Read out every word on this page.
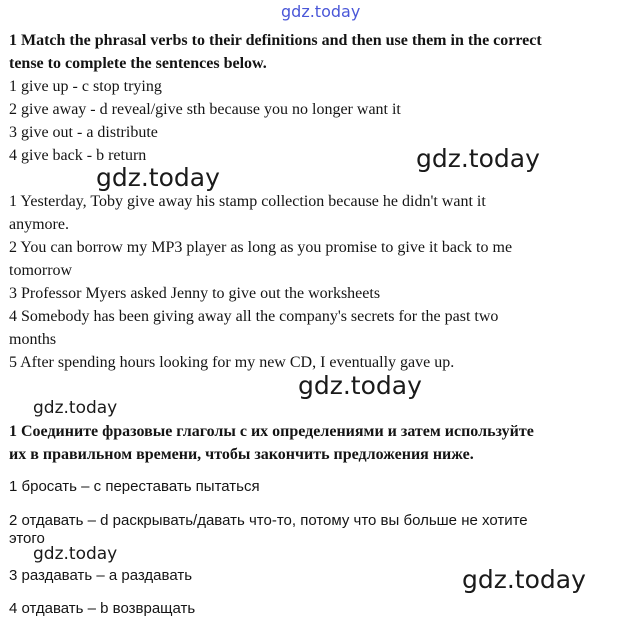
gdz.today
1 Match the phrasal verbs to their definitions and then use them in the correct
tense to complete the sentences below.
1 give up - c stop trying
2 give away - d reveal/give sth because you no longer want it
3 give out - a distribute
4 give back - b return
1 Yesterday, Toby give away his stamp collection because he didn't want it
anymore.
2 You can borrow my MP3 player as long as you promise to give it back to me
tomorrow
3 Professor Myers asked Jenny to give out the worksheets
4 Somebody has been giving away all the company's secrets for the past two
months
5 After spending hours looking for my new CD, I eventually gave up.
1 Соедините фразовые глаголы с их определениями и затем используйте
их в правильном времени, чтобы закончить предложения ниже.
1 бросать – с переставать пытаться
2 отдавать – d раскрывать/давать что-то, потому что вы больше не хотите
этого
3 раздавать – а раздавать
4 отдавать – b возвращать
gdz.today
gdz.today
gdz.today
gdz.today
gdz.today
gdz.today
